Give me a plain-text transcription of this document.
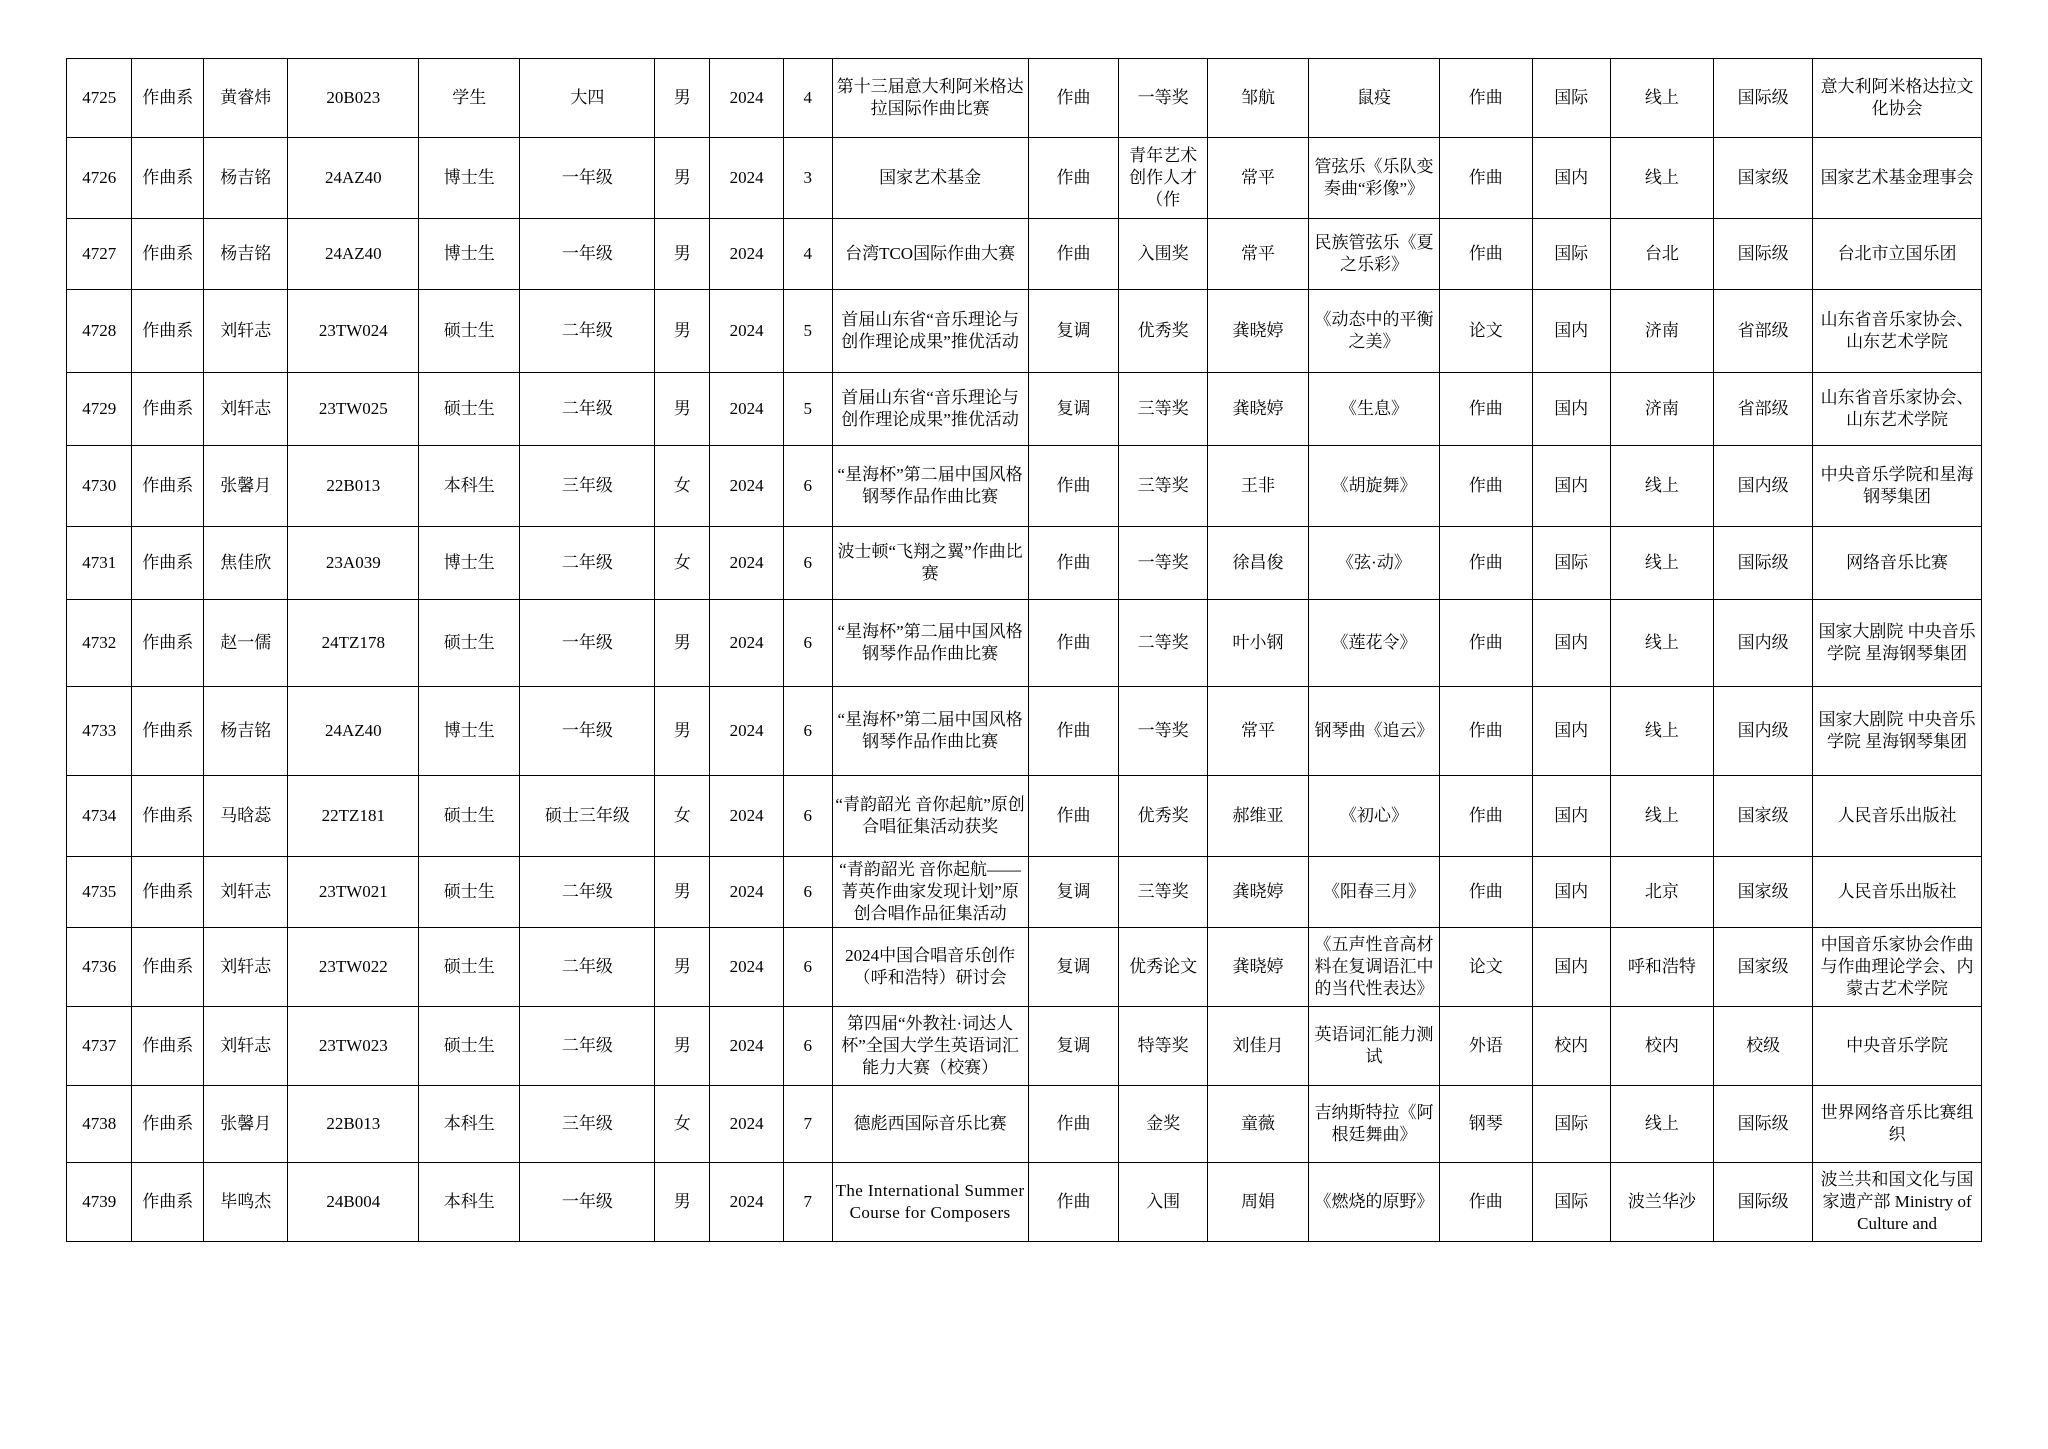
4725	作曲系	黄睿炜	20B023	学生	大四	男	2024	4	第十三届意大利阿米格达拉国际作曲比赛	作曲	一等奖	邹航	鼠疫	作曲	国际	线上	国际级	意大利阿米格达拉文化协会
4726	作曲系	杨吉铭	24AZ40	博士生	一年级	男	2024	3	国家艺术基金	作曲	青年艺术创作人才（作	常平	管弦乐《乐队变奏曲“彩像”》	作曲	国内	线上	国家级	国家艺术基金理事会
4727	作曲系	杨吉铭	24AZ40	博士生	一年级	男	2024	4	台湾TCO国际作曲大赛	作曲	入围奖	常平	民族管弦乐《夏之乐彩》	作曲	国际	台北	国际级	台北市立国乐团
4728	作曲系	刘轩志	23TW024	硕士生	二年级	男	2024	5	首届山东省“音乐理论与创作理论成果”推优活动	复调	优秀奖	龚晓婷	《动态中的平衡之美》	论文	国内	济南	省部级	山东省音乐家协会、山东艺术学院
4729	作曲系	刘轩志	23TW025	硕士生	二年级	男	2024	5	首届山东省“音乐理论与创作理论成果”推优活动	复调	三等奖	龚晓婷	《生息》	作曲	国内	济南	省部级	山东省音乐家协会、山东艺术学院
4730	作曲系	张馨月	22B013	本科生	三年级	女	2024	6	“星海杯”第二届中国风格钢琴作品作曲比赛	作曲	三等奖	王非	《胡旋舞》	作曲	国内	线上	国内级	中央音乐学院和星海钢琴集团
4731	作曲系	焦佳欣	23A039	博士生	二年级	女	2024	6	波士顿“飞翔之翼”作曲比赛	作曲	一等奖	徐昌俊	《弦·动》	作曲	国际	线上	国际级	网络音乐比赛
4732	作曲系	赵一儒	24TZ178	硕士生	一年级	男	2024	6	“星海杯”第二届中国风格钢琴作品作曲比赛	作曲	二等奖	叶小钢	《莲花令》	作曲	国内	线上	国内级	国家大剧院 中央音乐学院 星海钢琴集团
4733	作曲系	杨吉铭	24AZ40	博士生	一年级	男	2024	6	“星海杯”第二届中国风格钢琴作品作曲比赛	作曲	一等奖	常平	钢琴曲《追云》	作曲	国内	线上	国内级	国家大剧院 中央音乐学院 星海钢琴集团
4734	作曲系	马晗蕊	22TZ181	硕士生	硕士三年级	女	2024	6	“青韵韶光 音你起航”原创合唱征集活动获奖	作曲	优秀奖	郝维亚	《初心》	作曲	国内	线上	国家级	人民音乐出版社
4735	作曲系	刘轩志	23TW021	硕士生	二年级	男	2024	6	“青韵韶光 音你起航——菁英作曲家发现计划”原创合唱作品征集活动	复调	三等奖	龚晓婷	《阳春三月》	作曲	国内	北京	国家级	人民音乐出版社
4736	作曲系	刘轩志	23TW022	硕士生	二年级	男	2024	6	2024中国合唱音乐创作（呼和浩特）研讨会	复调	优秀论文	龚晓婷	《五声性音高材料在复调语汇中的当代性表达》	论文	国内	呼和浩特	国家级	中国音乐家协会作曲与作曲理论学会、内蒙古艺术学院
4737	作曲系	刘轩志	23TW023	硕士生	二年级	男	2024	6	第四届“外教社·词达人杯”全国大学生英语词汇能力大赛（校赛）	复调	特等奖	刘佳月	英语词汇能力测试	外语	校内	校内	校级	中央音乐学院
4738	作曲系	张馨月	22B013	本科生	三年级	女	2024	7	德彪西国际音乐比赛	作曲	金奖	童薇	吉纳斯特拉《阿根廷舞曲》	钢琴	国际	线上	国际级	世界网络音乐比赛组织
4739	作曲系	毕鸣杰	24B004	本科生	一年级	男	2024	7	The International Summer Course for Composers	作曲	入围	周娟	《燃烧的原野》	作曲	国际	波兰华沙	国际级	波兰共和国文化与国家遗产部 Ministry of Culture and
